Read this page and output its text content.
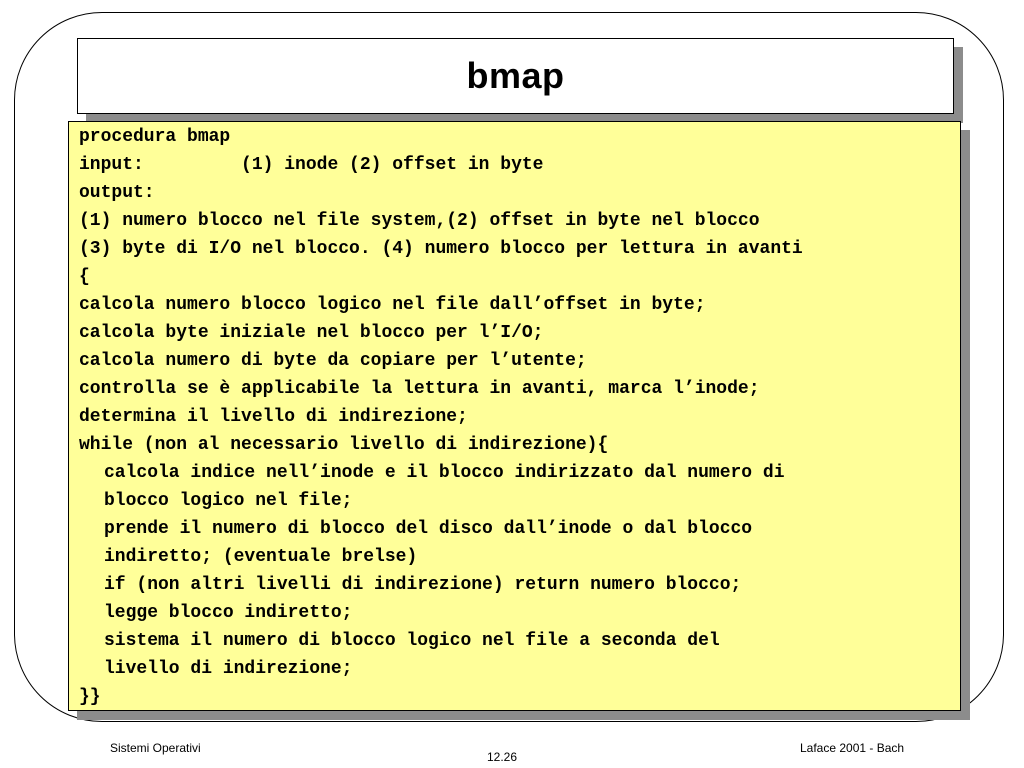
bmap
procedura bmap
input:         (1) inode (2) offset in byte
output:
(1) numero blocco nel file system,(2) offset in byte nel blocco
(3) byte di I/O nel blocco. (4) numero blocco per lettura in avanti
{
calcola numero blocco logico nel file dall’offset in byte;
calcola byte iniziale nel blocco per l’I/O;
calcola numero di byte da copiare per l’utente;
controlla se è applicabile la lettura in avanti, marca l’inode;
determina il livello di indirezione;
while (non al necessario livello di indirezione){
calcola indice nell’inode e il blocco indirizzato dal numero di
blocco logico nel file;
prende il numero di blocco del disco dall’inode o dal blocco
indiretto; (eventuale brelse)
if (non altri livelli di indirezione) return numero blocco;
legge blocco indiretto;
sistema il numero di blocco logico nel file a seconda del
livello di indirezione;
}}
Sistemi Operativi
12.26
Laface 2001 - Bach
